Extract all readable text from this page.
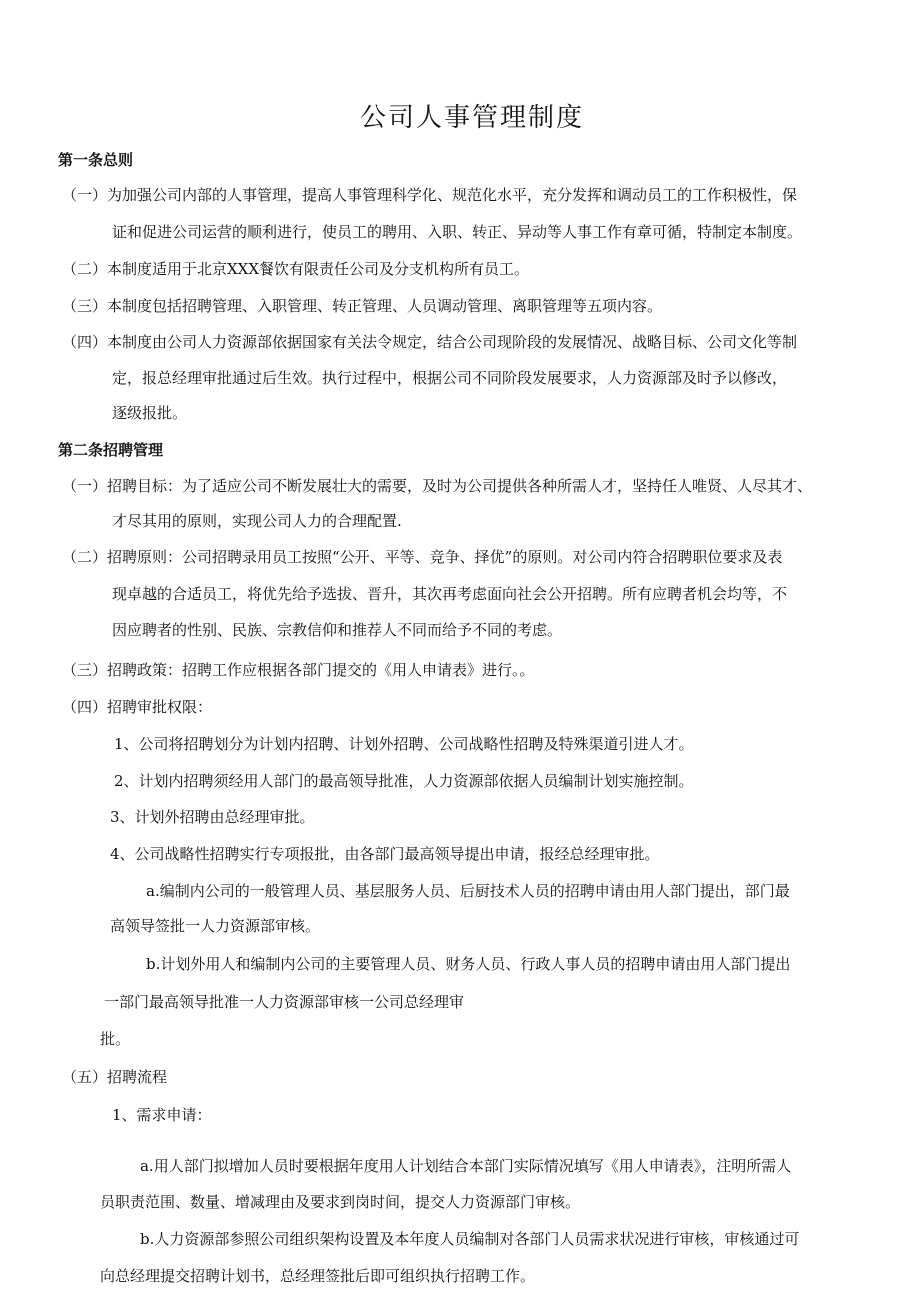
公司人事管理制度
第一条总则
（一）为加强公司内部的人事管理，提高人事管理科学化、规范化水平，充分发挥和调动员工的工作积极性，保
证和促进公司运营的顺利进行，使员工的聘用、入职、转正、异动等人事工作有章可循，特制定本制度。
（二）本制度适用于北京XXX餐饮有限责任公司及分支机构所有员工。
（三）本制度包括招聘管理、入职管理、转正管理、人员调动管理、离职管理等五项内容。
（四）本制度由公司人力资源部依据国家有关法令规定，结合公司现阶段的发展情况、战略目标、公司文化等制
定，报总经理审批通过后生效。执行过程中，根据公司不同阶段发展要求，人力资源部及时予以修改，
逐级报批。
第二条招聘管理
（一）招聘目标：为了适应公司不断发展壮大的需要，及时为公司提供各种所需人才，坚持任人唯贤、人尽其才、
才尽其用的原则，实现公司人力的合理配置.
（二）招聘原则：公司招聘录用员工按照“公开、平等、竞争、择优”的原则。对公司内符合招聘职位要求及表
现卓越的合适员工，将优先给予选拔、晋升，其次再考虑面向社会公开招聘。所有应聘者机会均等，不
因应聘者的性别、民族、宗教信仰和推荐人不同而给予不同的考虑。
（三）招聘政策：招聘工作应根据各部门提交的《用人申请表》进行。。
（四）招聘审批权限：
1、公司将招聘划分为计划内招聘、计划外招聘、公司战略性招聘及特殊渠道引进人才。
2、计划内招聘须经用人部门的最高领导批准，人力资源部依据人员编制计划实施控制。
3、计划外招聘由总经理审批。
4、公司战略性招聘实行专项报批，由各部门最高领导提出申请，报经总经理审批。
a.编制内公司的一般管理人员、基层服务人员、后厨技术人员的招聘申请由用人部门提出，部门最
高领导签批一人力资源部审核。
b.计划外用人和编制内公司的主要管理人员、财务人员、行政人事人员的招聘申请由用人部门提出
一部门最高领导批准一人力资源部审核一公司总经理审
批。
（五）招聘流程
1、需求申请：
a.用人部门拟增加人员时要根据年度用人计划结合本部门实际情况填写《用人申请表》，注明所需人
员职责范围、数量、增减理由及要求到岗时间，提交人力资源部门审核。
b.人力资源部参照公司组织架构设置及本年度人员编制对各部门人员需求状况进行审核，审核通过可
向总经理提交招聘计划书，总经理签批后即可组织执行招聘工作。
